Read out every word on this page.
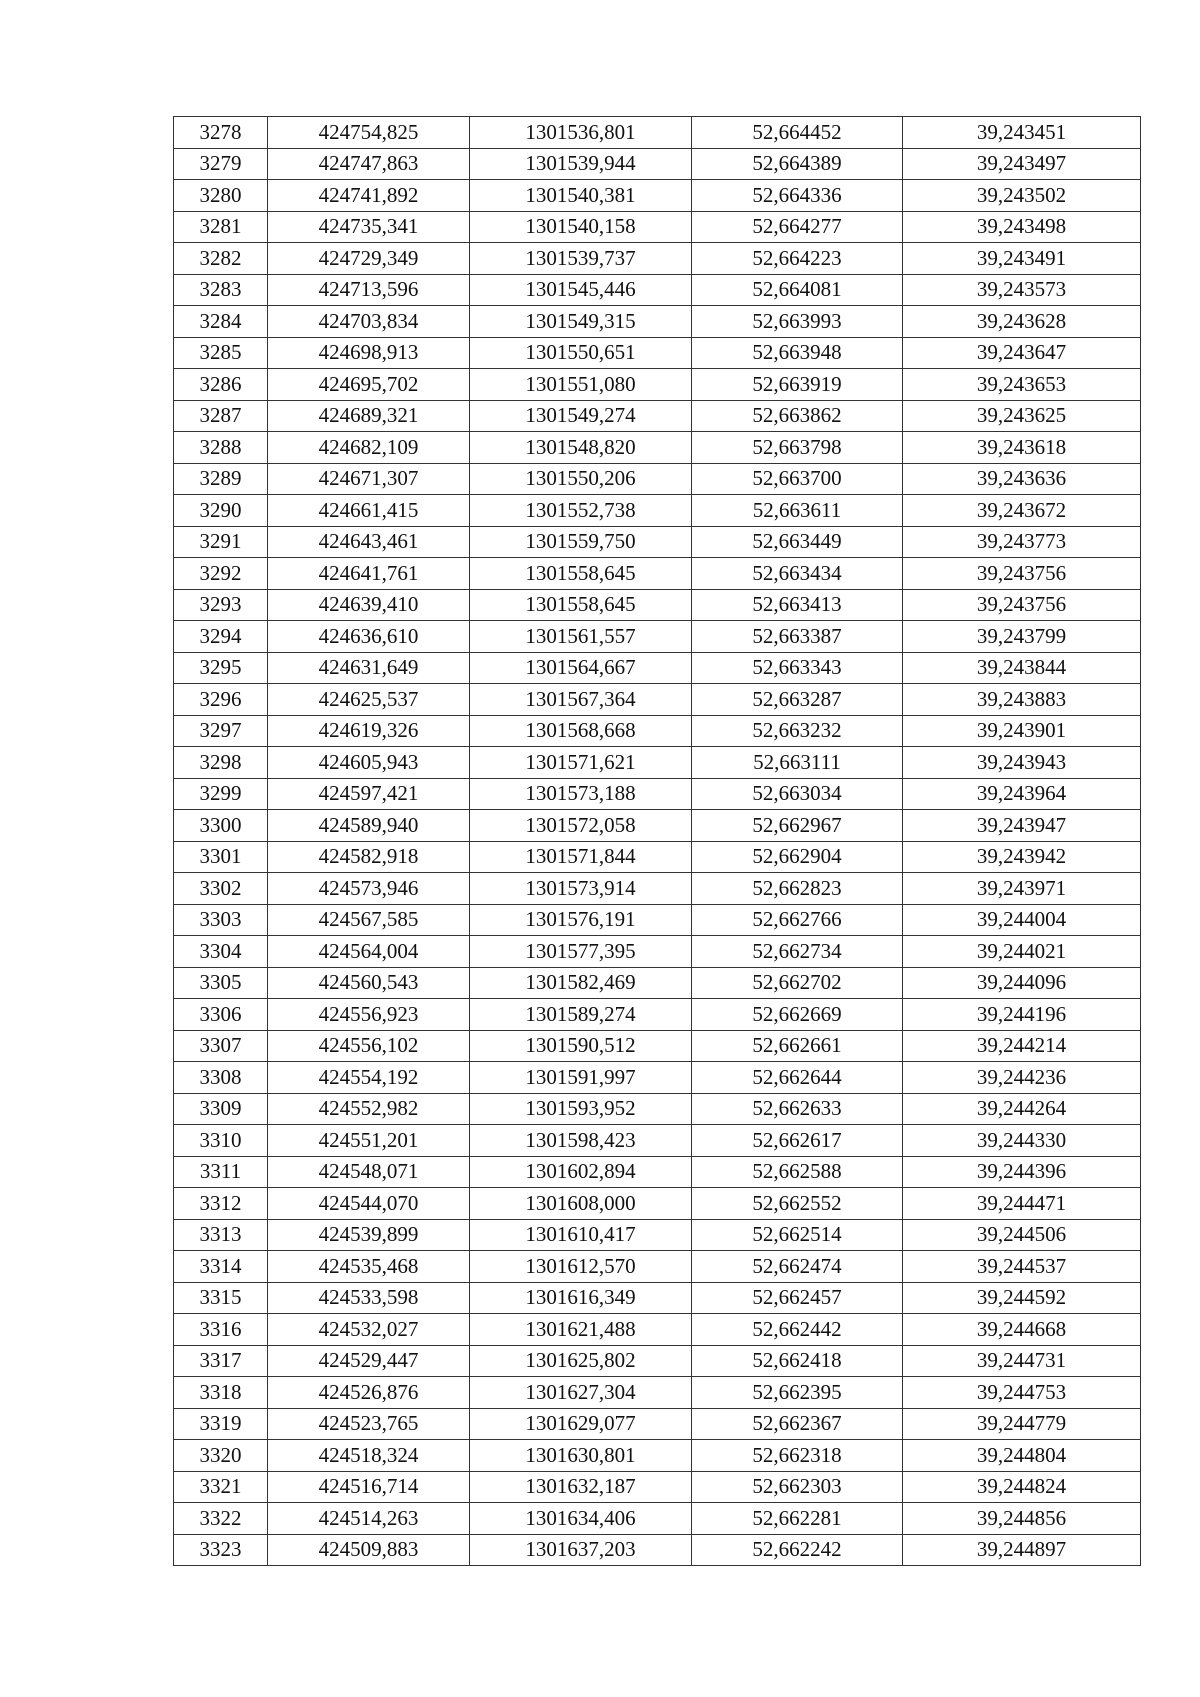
3278	424754,825	1301536,801	52,664452	39,243451
3279	424747,863	1301539,944	52,664389	39,243497
3280	424741,892	1301540,381	52,664336	39,243502
3281	424735,341	1301540,158	52,664277	39,243498
3282	424729,349	1301539,737	52,664223	39,243491
3283	424713,596	1301545,446	52,664081	39,243573
3284	424703,834	1301549,315	52,663993	39,243628
3285	424698,913	1301550,651	52,663948	39,243647
3286	424695,702	1301551,080	52,663919	39,243653
3287	424689,321	1301549,274	52,663862	39,243625
3288	424682,109	1301548,820	52,663798	39,243618
3289	424671,307	1301550,206	52,663700	39,243636
3290	424661,415	1301552,738	52,663611	39,243672
3291	424643,461	1301559,750	52,663449	39,243773
3292	424641,761	1301558,645	52,663434	39,243756
3293	424639,410	1301558,645	52,663413	39,243756
3294	424636,610	1301561,557	52,663387	39,243799
3295	424631,649	1301564,667	52,663343	39,243844
3296	424625,537	1301567,364	52,663287	39,243883
3297	424619,326	1301568,668	52,663232	39,243901
3298	424605,943	1301571,621	52,663111	39,243943
3299	424597,421	1301573,188	52,663034	39,243964
3300	424589,940	1301572,058	52,662967	39,243947
3301	424582,918	1301571,844	52,662904	39,243942
3302	424573,946	1301573,914	52,662823	39,243971
3303	424567,585	1301576,191	52,662766	39,244004
3304	424564,004	1301577,395	52,662734	39,244021
3305	424560,543	1301582,469	52,662702	39,244096
3306	424556,923	1301589,274	52,662669	39,244196
3307	424556,102	1301590,512	52,662661	39,244214
3308	424554,192	1301591,997	52,662644	39,244236
3309	424552,982	1301593,952	52,662633	39,244264
3310	424551,201	1301598,423	52,662617	39,244330
3311	424548,071	1301602,894	52,662588	39,244396
3312	424544,070	1301608,000	52,662552	39,244471
3313	424539,899	1301610,417	52,662514	39,244506
3314	424535,468	1301612,570	52,662474	39,244537
3315	424533,598	1301616,349	52,662457	39,244592
3316	424532,027	1301621,488	52,662442	39,244668
3317	424529,447	1301625,802	52,662418	39,244731
3318	424526,876	1301627,304	52,662395	39,244753
3319	424523,765	1301629,077	52,662367	39,244779
3320	424518,324	1301630,801	52,662318	39,244804
3321	424516,714	1301632,187	52,662303	39,244824
3322	424514,263	1301634,406	52,662281	39,244856
3323	424509,883	1301637,203	52,662242	39,244897
